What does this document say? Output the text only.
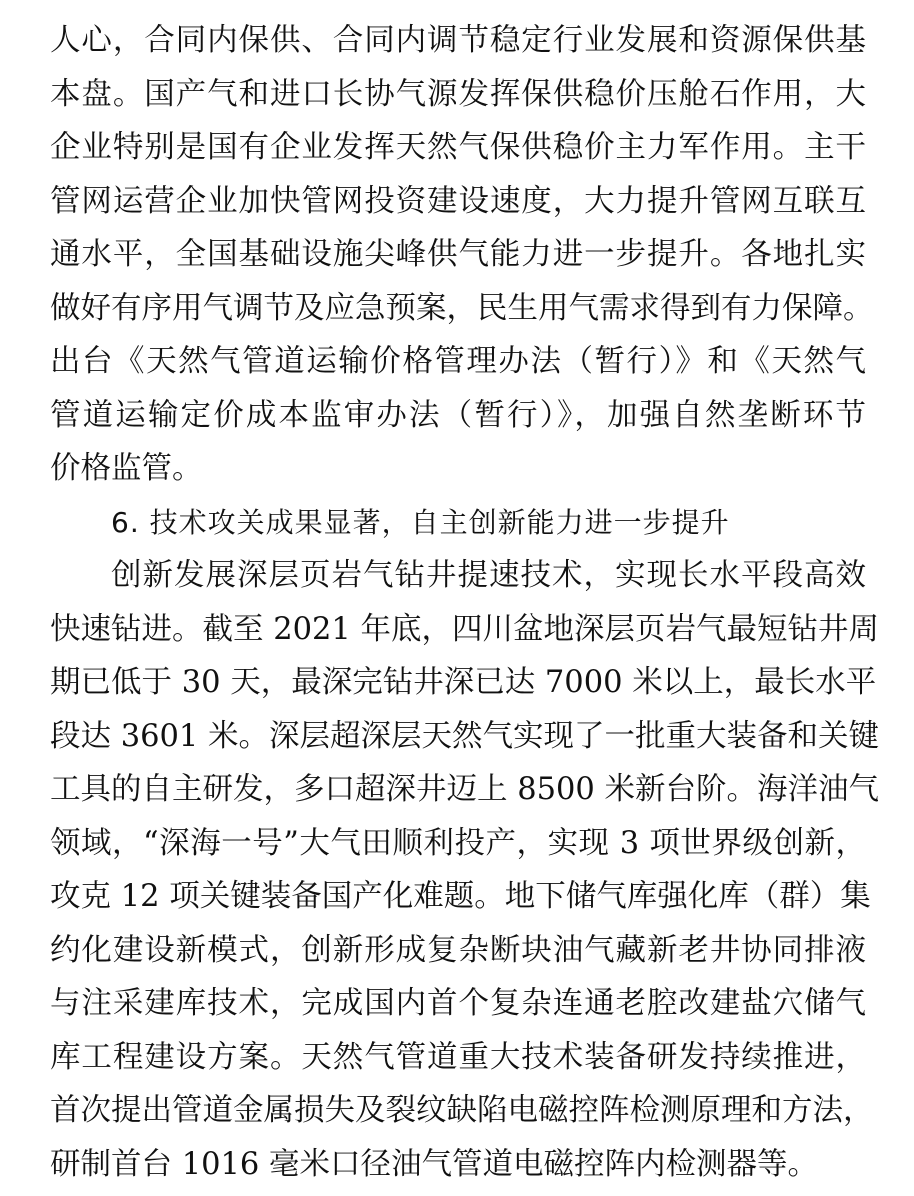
人心，合同内保供、合同内调节稳定行业发展和资源保供基
本盘。国产气和进口长协气源发挥保供稳价压舱石作用，大
企业特别是国有企业发挥天然气保供稳价主力军作用。主干
管网运营企业加快管网投资建设速度，大力提升管网互联互
通水平，全国基础设施尖峰供气能力进一步提升。各地扎实
做好有序用气调节及应急预案，民生用气需求得到有力保障。
出台《天然气管道运输价格管理办法（暂行）》和《天然气
管道运输定价成本监审办法（暂行）》，加强自然垄断环节
价格监管。
6. 技术攻关成果显著，自主创新能力进一步提升
创新发展深层页岩气钻井提速技术，实现长水平段高效
快速钻进。截至 2021 年底，四川盆地深层页岩气最短钻井周
期已低于 30 天，最深完钻井深已达 7000 米以上，最长水平
段达 3601 米。深层超深层天然气实现了一批重大装备和关键
工具的自主研发，多口超深井迈上 8500 米新台阶。海洋油气
领域，“深海一号”大气田顺利投产，实现 3 项世界级创新，
攻克 12 项关键装备国产化难题。地下储气库强化库（群）集
约化建设新模式，创新形成复杂断块油气藏新老井协同排液
与注采建库技术，完成国内首个复杂连通老腔改建盐穴储气
库工程建设方案。天然气管道重大技术装备研发持续推进，
首次提出管道金属损失及裂纹缺陷电磁控阵检测原理和方法，
研制首台 1016 毫米口径油气管道电磁控阵内检测器等。
